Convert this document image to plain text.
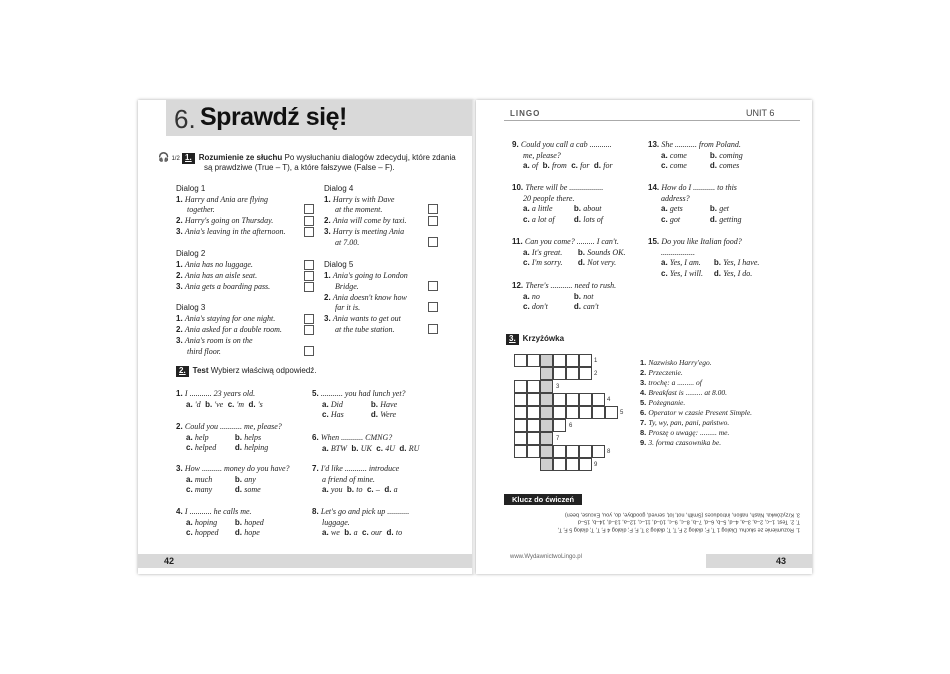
6. Sprawdź się!
🎧 1/2 1. Rozumienie ze słuchu Po wysłuchaniu dialogów zdecyduj, które zdania
są prawdziwe (True – T), a które fałszywe (False – F).
Dialog 1
1. Harry and Ania are flying
together.
2. Harry's going on Thursday.
3. Ania's leaving in the afternoon.
Dialog 2
1. Ania has no luggage.
2. Ania has an aisle seat.
3. Ania gets a boarding pass.
Dialog 3
1. Ania's staying for one night.
2. Ania asked for a double room.
3. Ania's room is on the
third floor.
Dialog 4
1. Harry is with Dave
at the moment.
2. Ania will come by taxi.
3. Harry is meeting Ania
at 7.00.
Dialog 5
1. Ania's going to London
Bridge.
2. Ania doesn't know how
far it is.
3. Ania wants to get out
at the tube station.
2. Test Wybierz właściwą odpowiedź.
1. I ........... 23 years old.
a. 'd b. 've c. 'm d. 's
2. Could you ........... me, please?
a. help	b. helps
c. helped d. helping
3. How .......... money do you have?
a. much	b. any
c. many	d. some
4. I ........... he calls me.
a. hoping b. hoped
c. hopped d. hope
5. ........... you had lunch yet?
a. Did	b. Have
c. Has	d. Were
6. When ........... CMNG?
a. BTW b. UK c. 4U d. RU
7. I'd like ........... introduce
a friend of mine.
a. you b. to c. – d. a
8. Let's go and pick up ...........
luggage.
a. we b. a c. our d. to
42
LINGO	UNIT 6
9. Could you call a cab ...........
me, please?
a. of b. from c. for d. for
10. There will be .................
20 people there.
a. a little	b. about
c. a lot of d. lots of
11. Can you come? ......... I can't.
a. It's great. b. Sounds OK.
c. I'm sorry. d. Not very.
12. There's ........... need to rush.
a. no	b. not
c. don't	d. can't
13. She ........... from Poland.
a. come	b. coming
c. come	d. comes
14. How do I ........... to this
address?
a. gets	b. get
c. got	d. getting
15. Do you like Italian food?
.................
a. Yes, I am. b. Yes, I have.
c. Yes, I will. d. Yes, I do.
3. Krzyżówka
1
2
3
4
5
6
7
8
9
1. Nazwisko Harry'ego.
2. Przeczenie.
3. trochę: a ......... of
4. Breakfast is ......... at 8.00.
5. Pożegnanie.
6. Operator w czasie Present Simple.
7. Ty, wy, pan, pani, państwo.
8. Proszę o uwagę: ......... me.
9. 3. forma czasownika be.
Klucz do ćwiczeń
1. Rozumienie ze słuchu. Dialog 1 T, F; dialog 2 F, T, T; dialog 3 T, F, F; dialog 4 F, T, T; dialog 5 F, T,
T. 2. Test. 1–c, 2–a, 3–a, 4–d, 5–b, 6–d, 7–b, 8–c, 9–c, 10–d, 11–c, 12–a, 13–d, 14–b, 15–d
3. Krzyżówka. Nash, nation, introduces (Smith, not, lot, served, goodbye, do, you, Excuse, been)
www.WydawnictwoLingo.pl	43
